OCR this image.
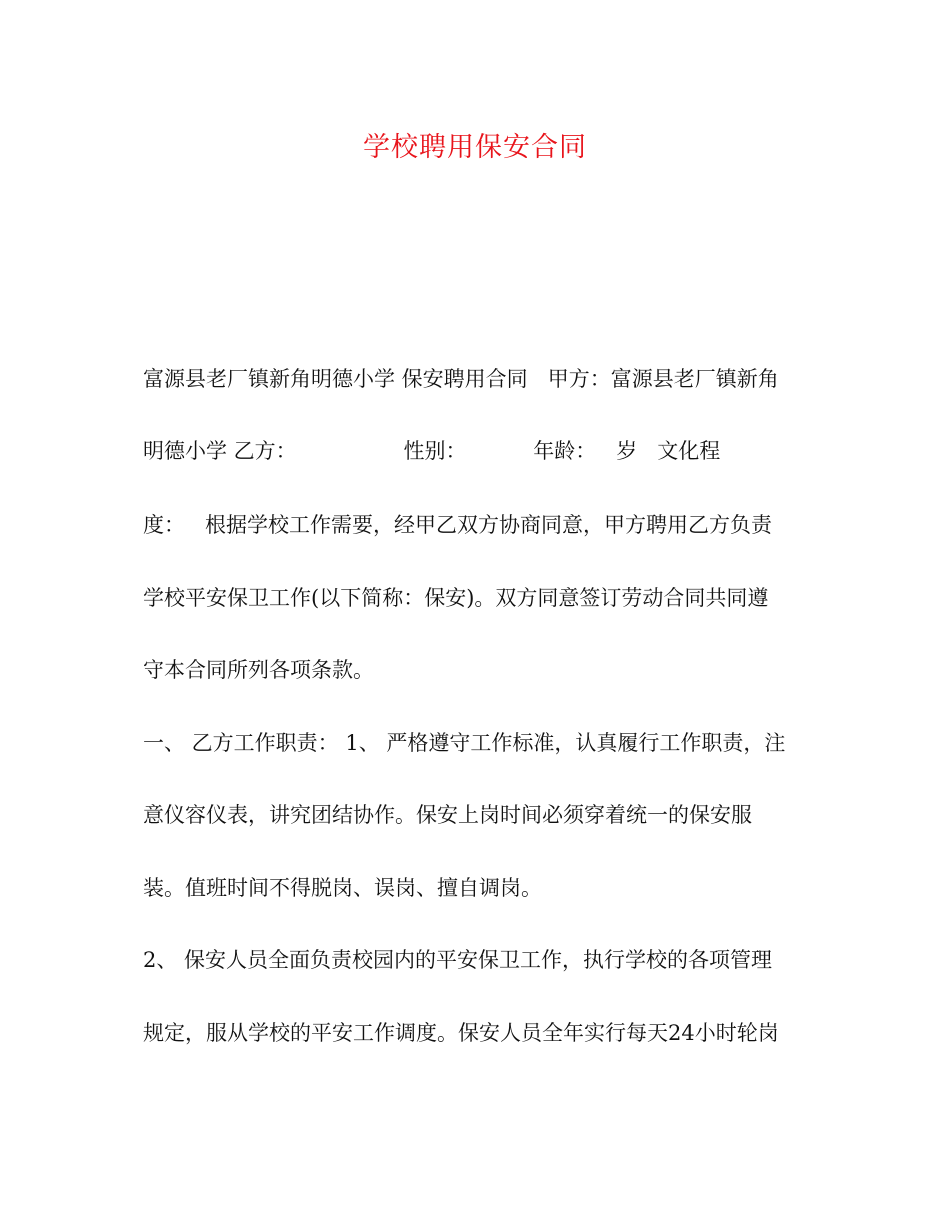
学校聘用保安合同
富源县老厂镇新角明德小学 保安聘用合同   甲方：富源县老厂镇新角
明德小学 乙方：                性别：          年龄：   岁   文化程
度：   根据学校工作需要，经甲乙双方协商同意，甲方聘用乙方负责
学校平安保卫工作(以下简称：保安)。双方同意签订劳动合同共同遵
守本合同所列各项条款。
一、 乙方工作职责： 1、 严格遵守工作标准，认真履行工作职责，注
意仪容仪表，讲究团结协作。保安上岗时间必须穿着统一的保安服
装。值班时间不得脱岗、误岗、擅自调岗。
2、 保安人员全面负责校园内的平安保卫工作，执行学校的各项管理
规定，服从学校的平安工作调度。保安人员全年实行每天24小时轮岗
